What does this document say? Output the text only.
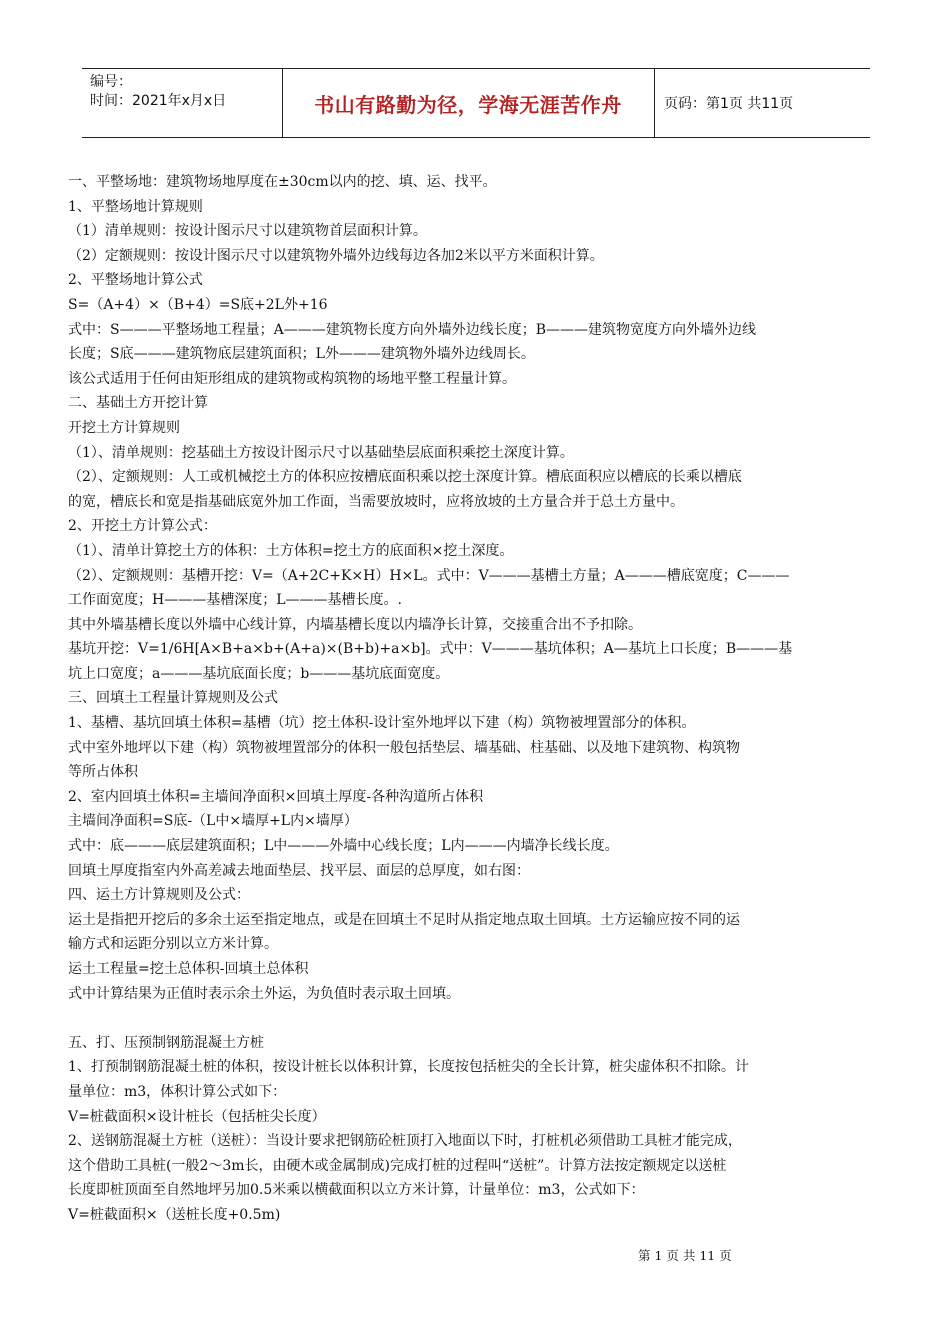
编号：
时间：2021年x月x日	书山有路勤为径，学海无涯苦作舟	页码：第1页 共11页
一、平整场地：建筑物场地厚度在±30cm以内的挖、填、运、找平。
1、平整场地计算规则
（1）清单规则：按设计图示尺寸以建筑物首层面积计算。
（2）定额规则：按设计图示尺寸以建筑物外墙外边线每边各加2米以平方米面积计算。
2、平整场地计算公式
S=（A+4）×（B+4）=S底+2L外+16
式中：S———平整场地工程量；A———建筑物长度方向外墙外边线长度；B———建筑物宽度方向外墙外边线
长度；S底———建筑物底层建筑面积；L外———建筑物外墙外边线周长。
该公式适用于任何由矩形组成的建筑物或构筑物的场地平整工程量计算。
二、基础土方开挖计算
开挖土方计算规则
（1）、清单规则：挖基础土方按设计图示尺寸以基础垫层底面积乘挖土深度计算。
（2）、定额规则：人工或机械挖土方的体积应按槽底面积乘以挖土深度计算。槽底面积应以槽底的长乘以槽底
的宽，槽底长和宽是指基础底宽外加工作面，当需要放坡时，应将放坡的土方量合并于总土方量中。
2、开挖土方计算公式：
（1）、清单计算挖土方的体积：土方体积=挖土方的底面积×挖土深度。
（2）、定额规则：基槽开挖：V=（A+2C+K×H）H×L。式中：V———基槽土方量；A———槽底宽度；C———
工作面宽度；H———基槽深度；L———基槽长度。.
其中外墙基槽长度以外墙中心线计算，内墙基槽长度以内墙净长计算，交接重合出不予扣除。
基坑开挖：V=1/6H[A×B+a×b+(A+a)×(B+b)+a×b]。式中：V———基坑体积；A—基坑上口长度；B———基
坑上口宽度；a———基坑底面长度；b———基坑底面宽度。
三、回填土工程量计算规则及公式
1、基槽、基坑回填土体积=基槽（坑）挖土体积-设计室外地坪以下建（构）筑物被埋置部分的体积。
式中室外地坪以下建（构）筑物被埋置部分的体积一般包括垫层、墙基础、柱基础、以及地下建筑物、构筑物
等所占体积
2、室内回填土体积=主墙间净面积×回填土厚度-各种沟道所占体积
主墙间净面积=S底-（L中×墙厚+L内×墙厚）
式中：底———底层建筑面积；L中———外墙中心线长度；L内———内墙净长线长度。
回填土厚度指室内外高差减去地面垫层、找平层、面层的总厚度，如右图：
四、运土方计算规则及公式：
运土是指把开挖后的多余土运至指定地点，或是在回填土不足时从指定地点取土回填。土方运输应按不同的运
输方式和运距分别以立方米计算。
运土工程量=挖土总体积-回填土总体积
式中计算结果为正值时表示余土外运，为负值时表示取土回填。
五、打、压预制钢筋混凝土方桩
1、打预制钢筋混凝土桩的体积，按设计桩长以体积计算，长度按包括桩尖的全长计算，桩尖虚体积不扣除。计
量单位：m3，体积计算公式如下：
V=桩截面积×设计桩长（包括桩尖长度）
2、送钢筋混凝土方桩（送桩）：当设计要求把钢筋砼桩顶打入地面以下时，打桩机必须借助工具桩才能完成，
这个借助工具桩(一般2～3m长，由硬木或金属制成)完成打桩的过程叫“送桩”。计算方法按定额规定以送桩
长度即桩顶面至自然地坪另加0.5米乘以横截面积以立方米计算，计量单位：m3，公式如下：
V=桩截面积×（送桩长度+0.5m)
第 1 页 共 11 页
